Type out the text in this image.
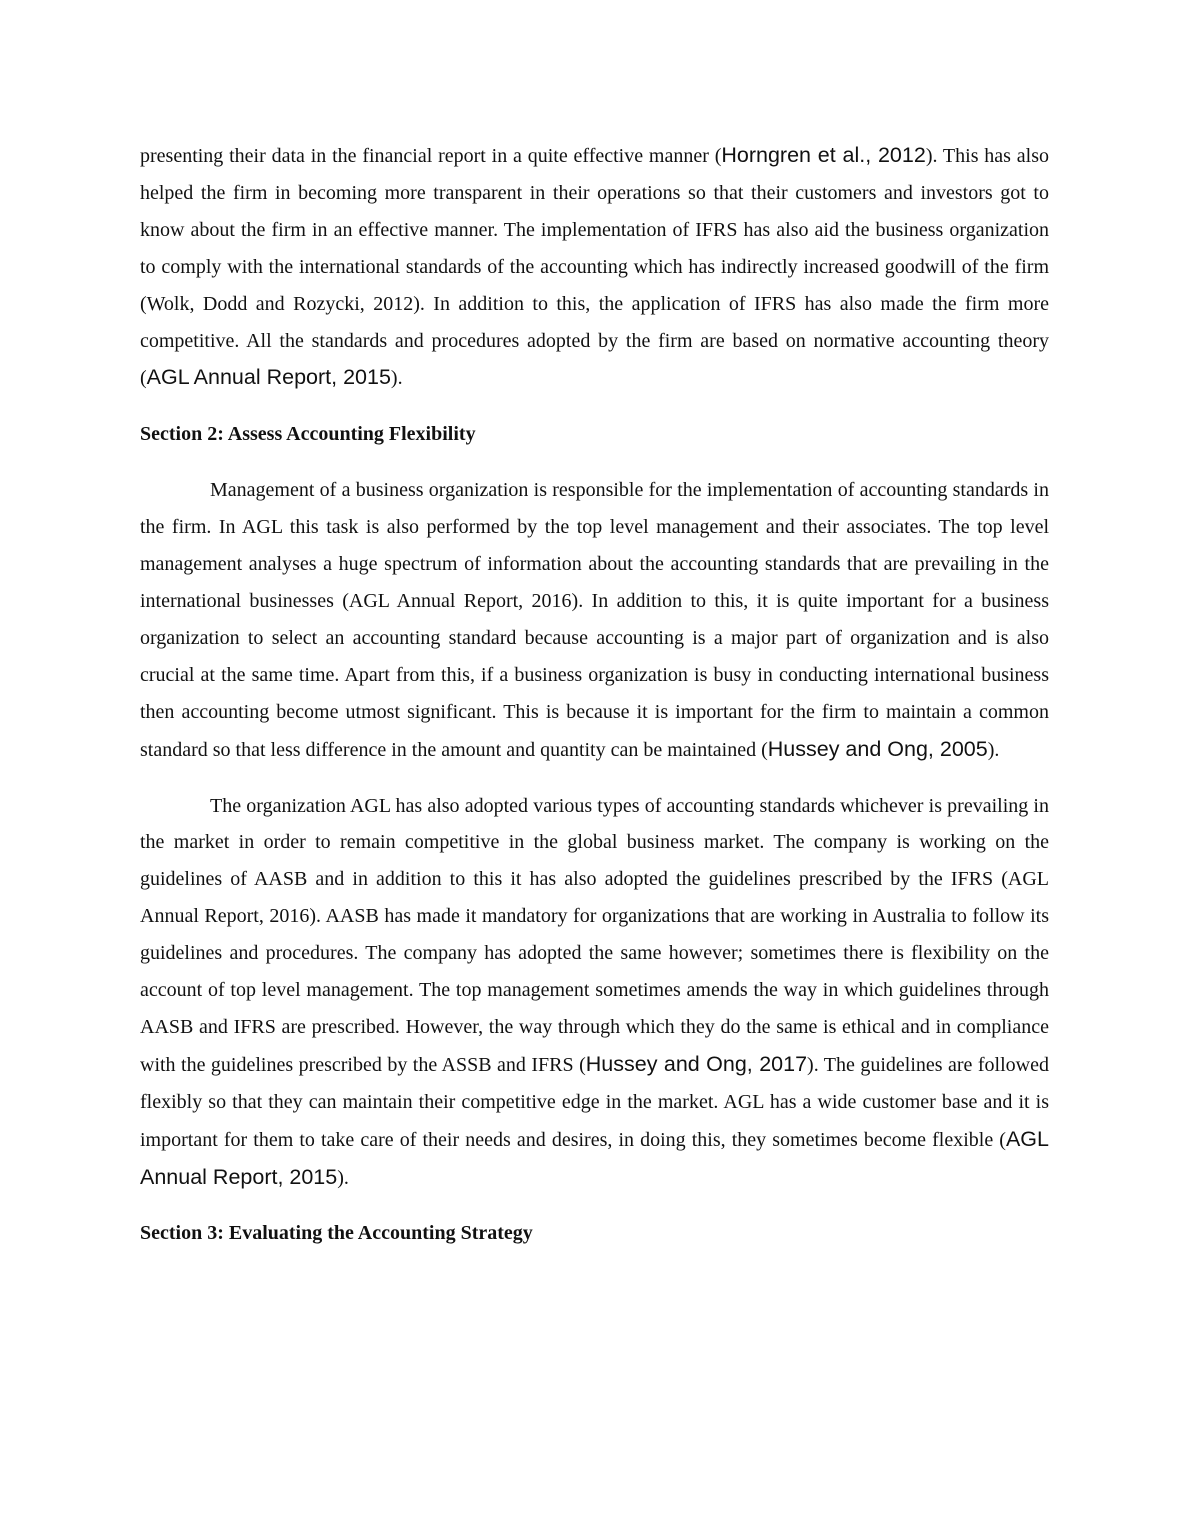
presenting their data in the financial report in a quite effective manner (Horngren et al., 2012). This has also helped the firm in becoming more transparent in their operations so that their customers and investors got to know about the firm in an effective manner. The implementation of IFRS has also aid the business organization to comply with the international standards of the accounting which has indirectly increased goodwill of the firm (Wolk, Dodd and Rozycki, 2012). In addition to this, the application of IFRS has also made the firm more competitive. All the standards and procedures adopted by the firm are based on normative accounting theory (AGL Annual Report, 2015).

Section 2: Assess Accounting Flexibility

Management of a business organization is responsible for the implementation of accounting standards in the firm. In AGL this task is also performed by the top level management and their associates. The top level management analyses a huge spectrum of information about the accounting standards that are prevailing in the international businesses (AGL Annual Report, 2016). In addition to this, it is quite important for a business organization to select an accounting standard because accounting is a major part of organization and is also crucial at the same time. Apart from this, if a business organization is busy in conducting international business then accounting become utmost significant. This is because it is important for the firm to maintain a common standard so that less difference in the amount and quantity can be maintained (Hussey and Ong, 2005).

The organization AGL has also adopted various types of accounting standards whichever is prevailing in the market in order to remain competitive in the global business market. The company is working on the guidelines of AASB and in addition to this it has also adopted the guidelines prescribed by the IFRS (AGL Annual Report, 2016). AASB has made it mandatory for organizations that are working in Australia to follow its guidelines and procedures. The company has adopted the same however; sometimes there is flexibility on the account of top level management. The top management sometimes amends the way in which guidelines through AASB and IFRS are prescribed. However, the way through which they do the same is ethical and in compliance with the guidelines prescribed by the ASSB and IFRS (Hussey and Ong, 2017). The guidelines are followed flexibly so that they can maintain their competitive edge in the market. AGL has a wide customer base and it is important for them to take care of their needs and desires, in doing this, they sometimes become flexible (AGL Annual Report, 2015).

Section 3: Evaluating the Accounting Strategy
